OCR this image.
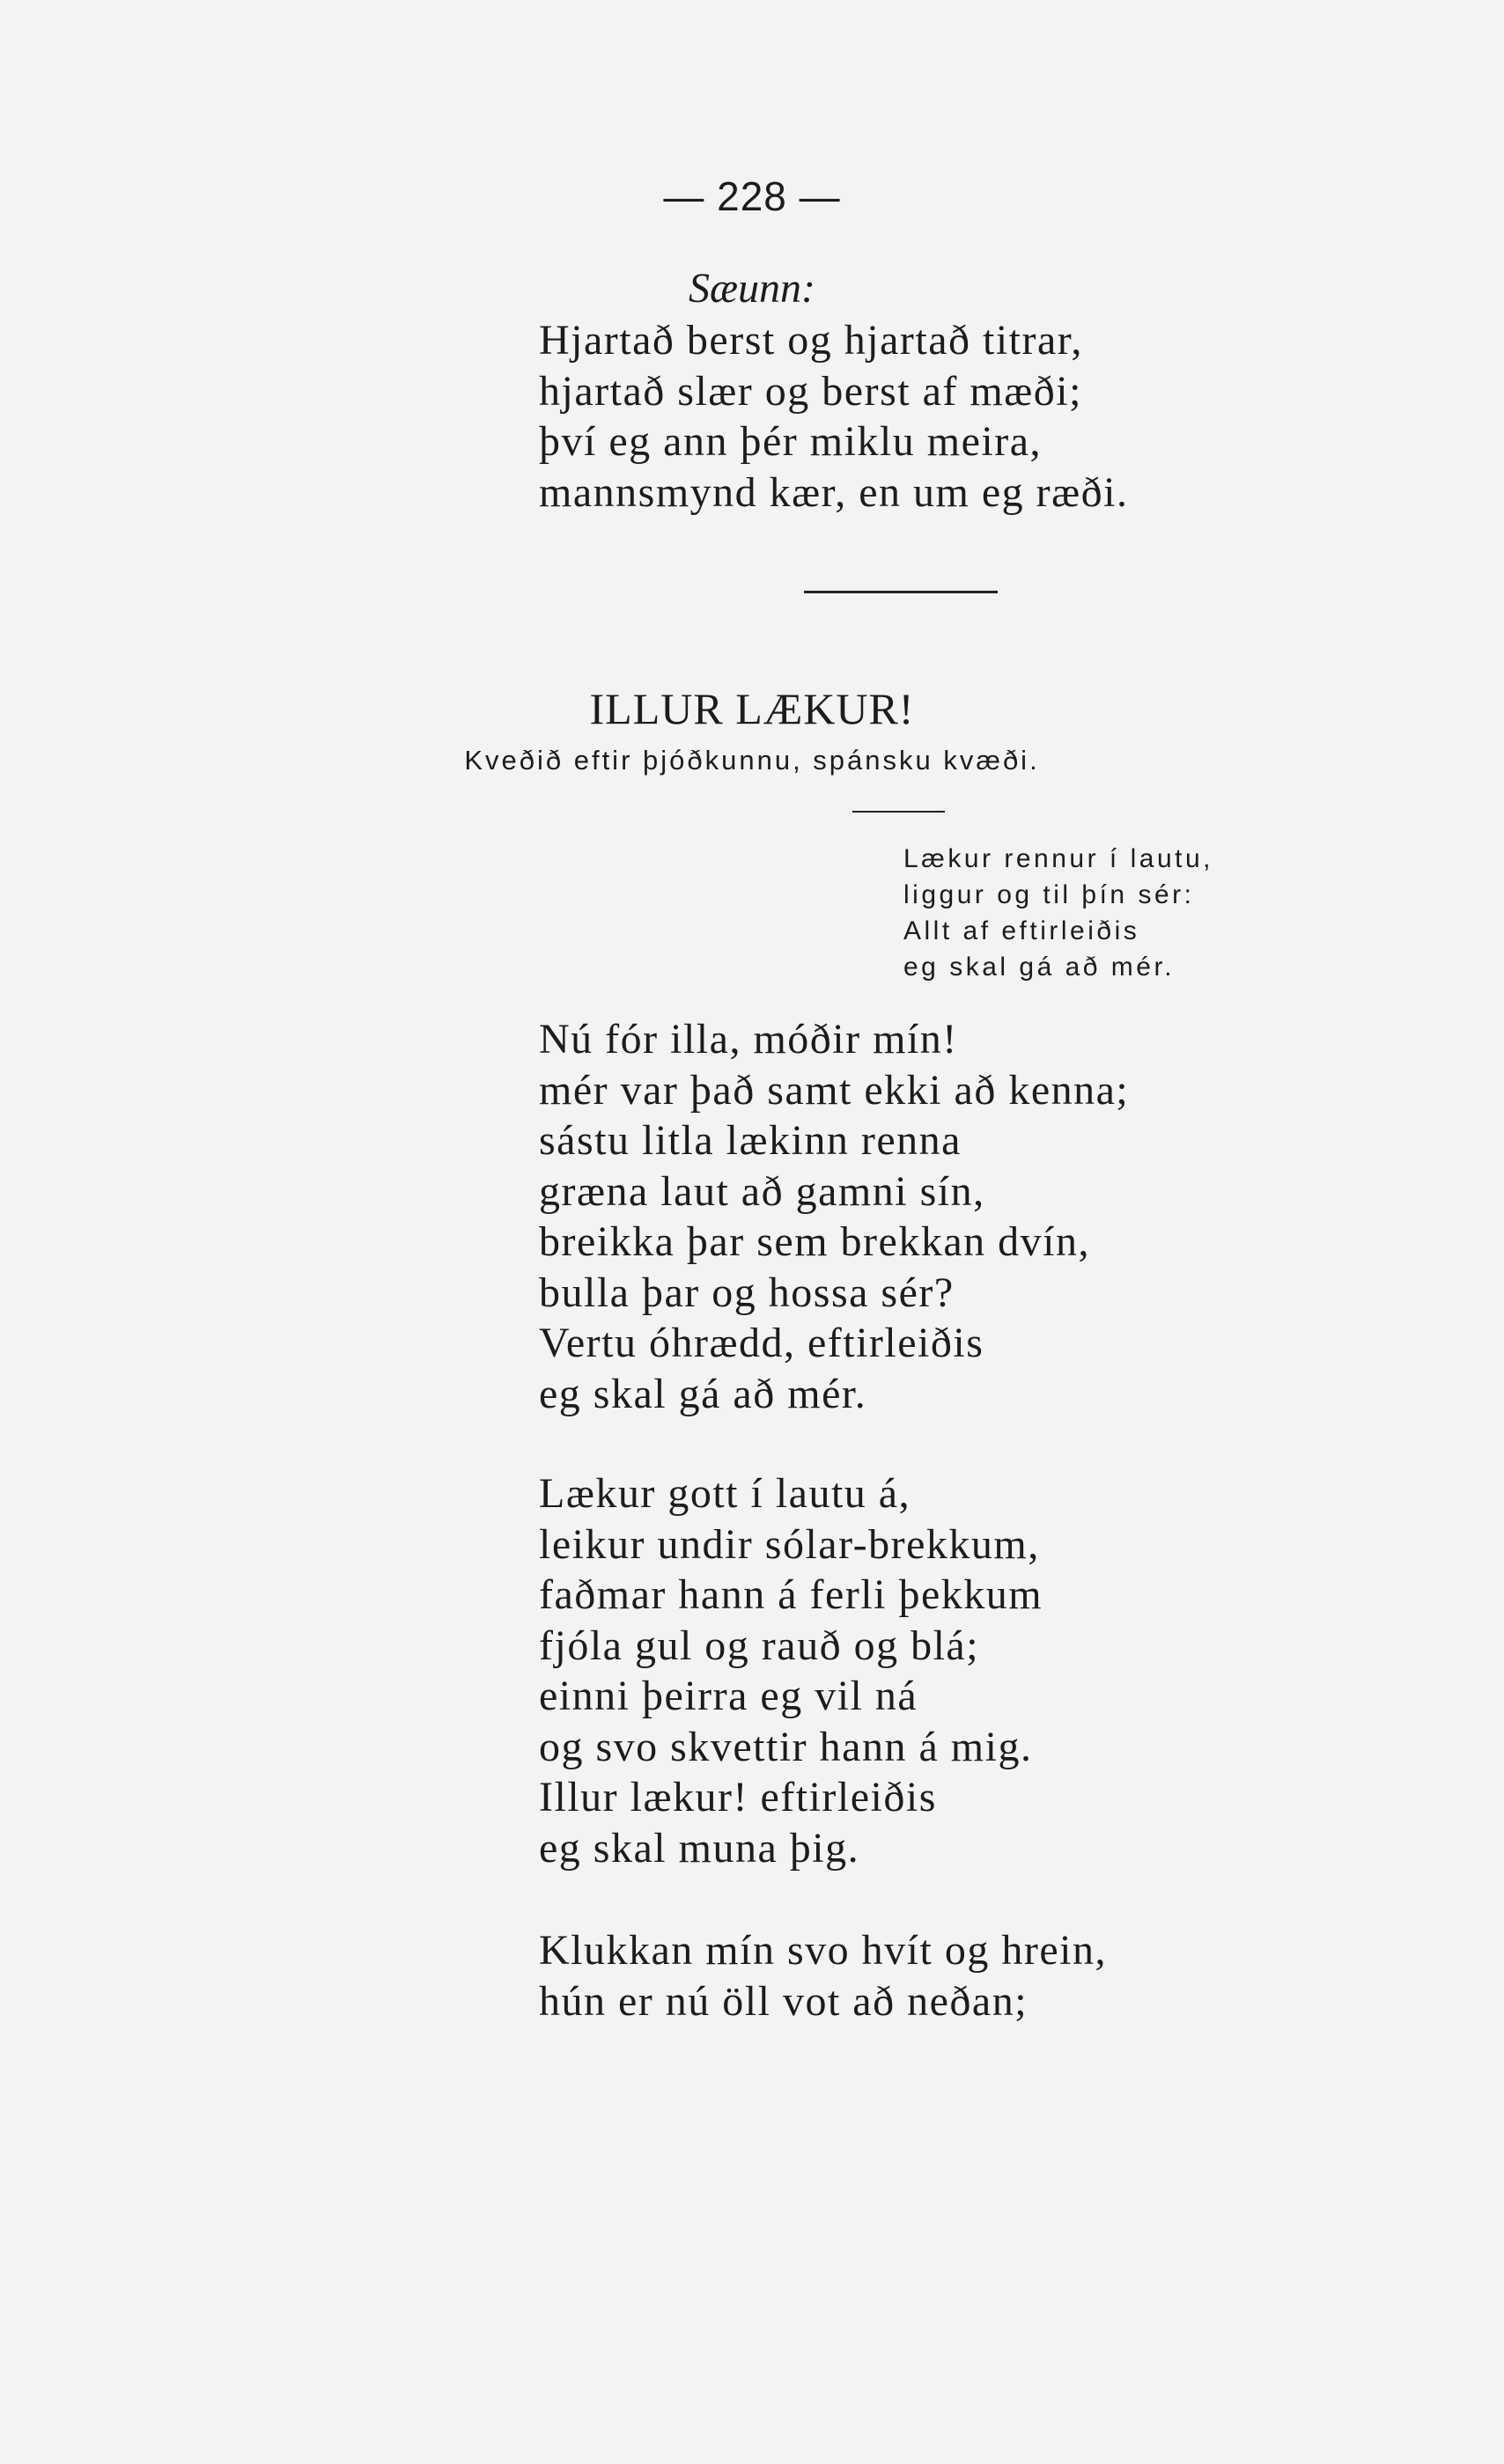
— 228 —
Sæunn:
Hjartað berst og hjartað titrar,
hjartað slær og berst af mæði;
því eg ann þér miklu meira,
mannsmynd kær, en um eg ræði.
ILLUR LÆKUR!
Kveðið eftir þjóðkunnu, spánsku kvæði.
Lækur rennur í lautu,
liggur og til þín sér:
Allt af eftirleiðis
eg skal gá að mér.
Nú fór illa, móðir mín!
mér var það samt ekki að kenna;
sástu litla lækinn renna
græna laut að gamni sín,
breikka þar sem brekkan dvín,
bulla þar og hossa sér?
Vertu óhrædd, eftirleiðis
eg skal gá að mér.
Lækur gott í lautu á,
leikur undir sólar-brekkum,
faðmar hann á ferli þekkum
fjóla gul og rauð og blá;
einni þeirra eg vil ná
og svo skvettir hann á mig.
Illur lækur! eftirleiðis
eg skal muna þig.
Klukkan mín svo hvít og hrein,
hún er nú öll vot að neðan;
